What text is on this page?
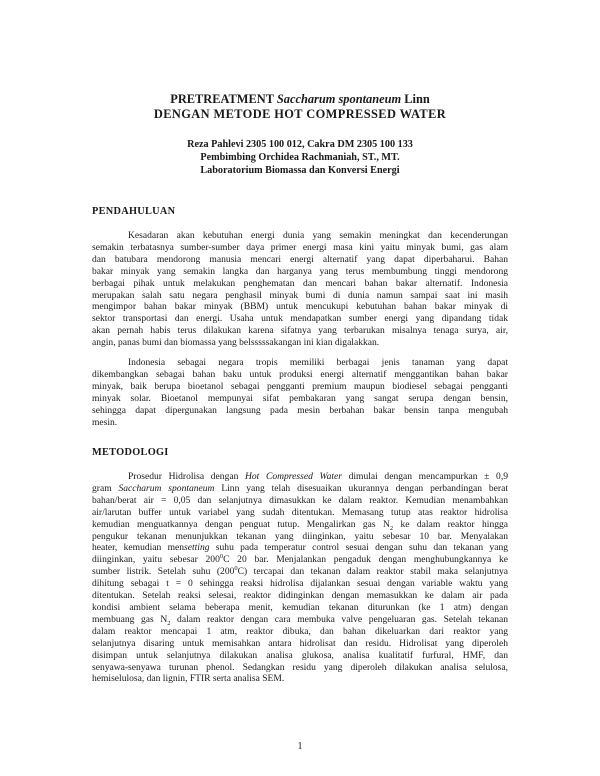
PRETREATMENT Saccharum spontaneum Linn
DENGAN METODE HOT COMPRESSED WATER
Reza Pahlevi 2305 100 012, Cakra DM 2305 100 133
Pembimbing Orchidea Rachmaniah, ST., MT.
Laboratorium Biomassa dan Konversi Energi
PENDAHULUAN
Kesadaran akan kebutuhan energi dunia yang semakin meningkat dan kecenderungan
semakin terbatasnya sumber-sumber daya primer energi masa kini yaitu minyak bumi, gas alam
dan batubara mendorong manusia mencari energi alternatif yang dapat diperbaharui. Bahan
bakar minyak yang semakin langka dan harganya yang terus membumbung tinggi mendorong
berbagai pihak untuk melakukan penghematan dan mencari bahan bakar alternatif. Indonesia
merupakan salah satu negara penghasil minyak bumi di dunia namun sampai saat ini masih
mengimpor bahan bakar minyak (BBM) untuk mencukupi kebutuhan bahan bakar minyak di
sektor transportasi dan energi. Usaha untuk mendapatkan sumber energi yang dipandang tidak
akan pernah habis terus dilakukan karena sifatnya yang terbarukan misalnya tenaga surya, air,
angin, panas bumi dan biomassa yang belsssssakangan ini kian digalakkan.
Indonesia sebagai negara tropis memiliki berbagai jenis tanaman yang dapat
dikembangkan sebagai bahan baku untuk produksi energi alternatif menggantikan bahan bakar
minyak, baik berupa bioetanol sebagai pengganti premium maupun biodiesel sebagai pengganti
minyak solar. Bioetanol mempunyai sifat pembakaran yang sangat serupa dengan bensin,
sehingga dapat dipergunakan langsung pada mesin berbahan bakar bensin tanpa mengubah
mesin.
METODOLOGI
Prosedur Hidrolisa dengan Hot Compressed Water dimulai dengan mencampurkan ± 0,9
gram Saccharum spontaneum Linn yang telah disesuaikan ukurannya dengan perbandingan berat
bahan/berat air = 0,05 dan selanjutnya dimasukkan ke dalam reaktor. Kemudian menambahkan
air/larutan buffer untuk variabel yang sudah ditentukan. Memasang tutup atas reaktor hidrolisa
kemudian menguatkannya dengan penguat tutup. Mengalirkan gas $N_2$ ke dalam reaktor hingga
pengukur tekanan menunjukkan tekanan yang diinginkan, yaitu sebesar 10 bar. Menyalakan
heater, kemudian mensetting suhu pada temperatur control sesuai dengan suhu dan tekanan yang
diinginkan, yaitu sebesar $200^0C$ 20 bar. Menjalankan pengaduk dengan menghubungkannya ke
sumber listrik. Setelah suhu $(200^0C)$ tercapai dan tekanan dalam reaktor stabil maka selanjutnya
dihitung sebagai t = 0 sehingga reaksi hidrolisa dijalankan sesuai dengan variable waktu yang
ditentukan. Setelah reaksi selesai, reaktor didinginkan dengan memasukkan ke dalam air pada
kondisi ambient selama beberapa menit, kemudian tekanan diturunkan (ke 1 atm) dengan
membuang gas $N_2$ dalam reaktor dengan cara membuka valve pengeluaran gas. Setelah tekanan
dalam reaktor mencapai 1 atm, reaktor dibuka, dan bahan dikeluarkan dari reaktor yang
selanjutnya disaring untuk memisahkan antara hidrolisat dan residu. Hidrolisat yang diperoleh
disimpan untuk selanjutnya dilakukan analisa glukosa, analisa kualitatif furfural, HMF, dan
senyawa-senyawa turunan phenol. Sedangkan residu yang diperoleh dilakukan analisa selulosa,
hemiselulosa, dan lignin, FTIR serta analisa SEM.
1
